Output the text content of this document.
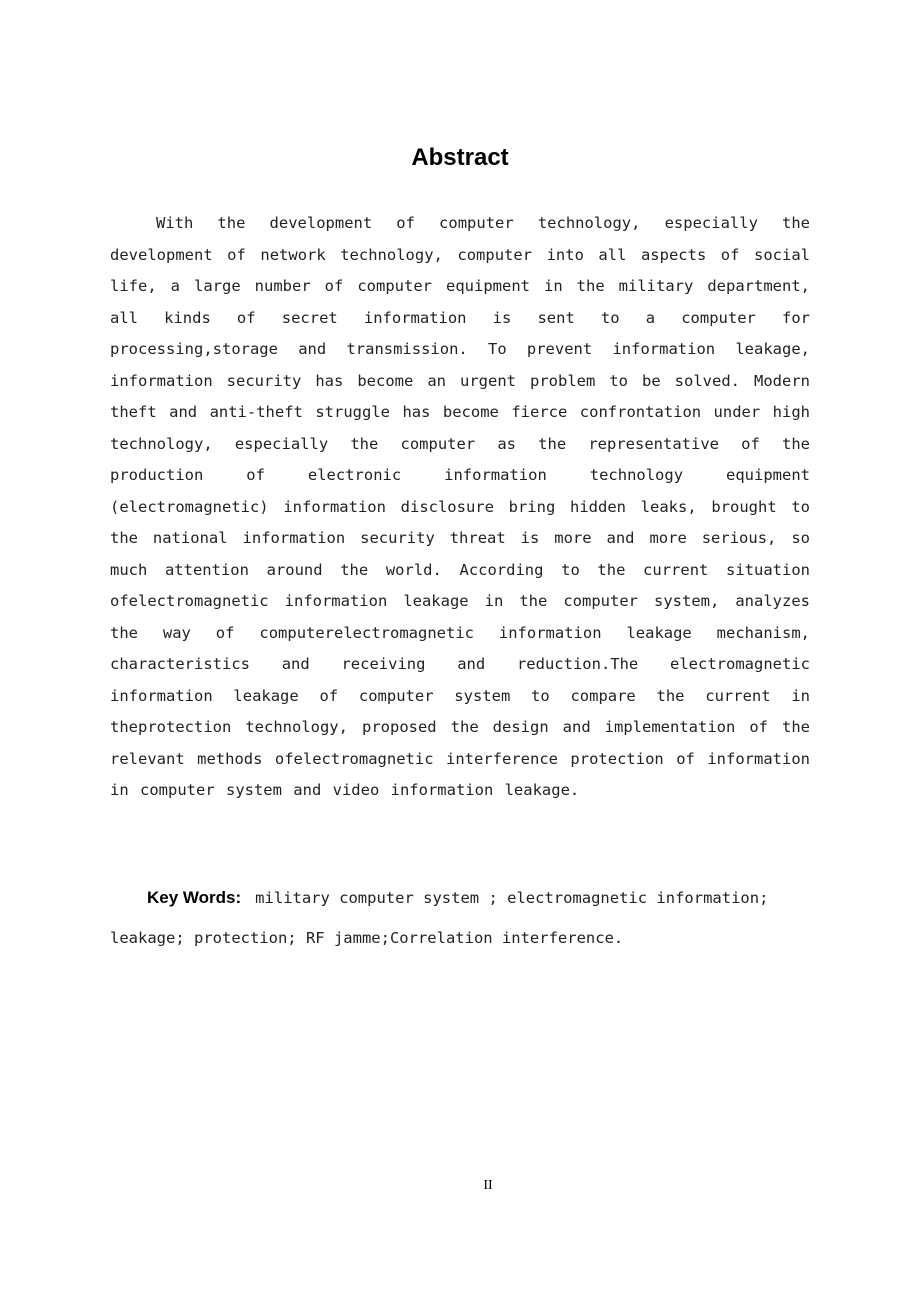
Abstract

With the development of computer technology, especially the development of network technology, computer into all aspects of social life, a large number of computer equipment in the military department, all kinds of secret information is sent to a computer for processing,storage and transmission. To prevent information leakage, information security has become an urgent problem to be solved. Modern theft and anti-theft struggle has become fierce confrontation under high technology, especially the computer as the representative of the production of electronic information technology equipment (electromagnetic) information disclosure bring hidden leaks, brought to the national information security threat is more and more serious, so much attention around the world. According to the current situation ofelectromagnetic information leakage in the computer system, analyzes the way of computerelectromagnetic information leakage mechanism, characteristics and receiving and reduction.The electromagnetic information leakage of computer system to compare the current in theprotection technology, proposed the design and implementation of the relevant methods ofelectromagnetic interference protection of information in computer system and video information leakage.

Key Words: military computer system ; electromagnetic information; leakage; protection; RF jamme;Correlation interference.

II
